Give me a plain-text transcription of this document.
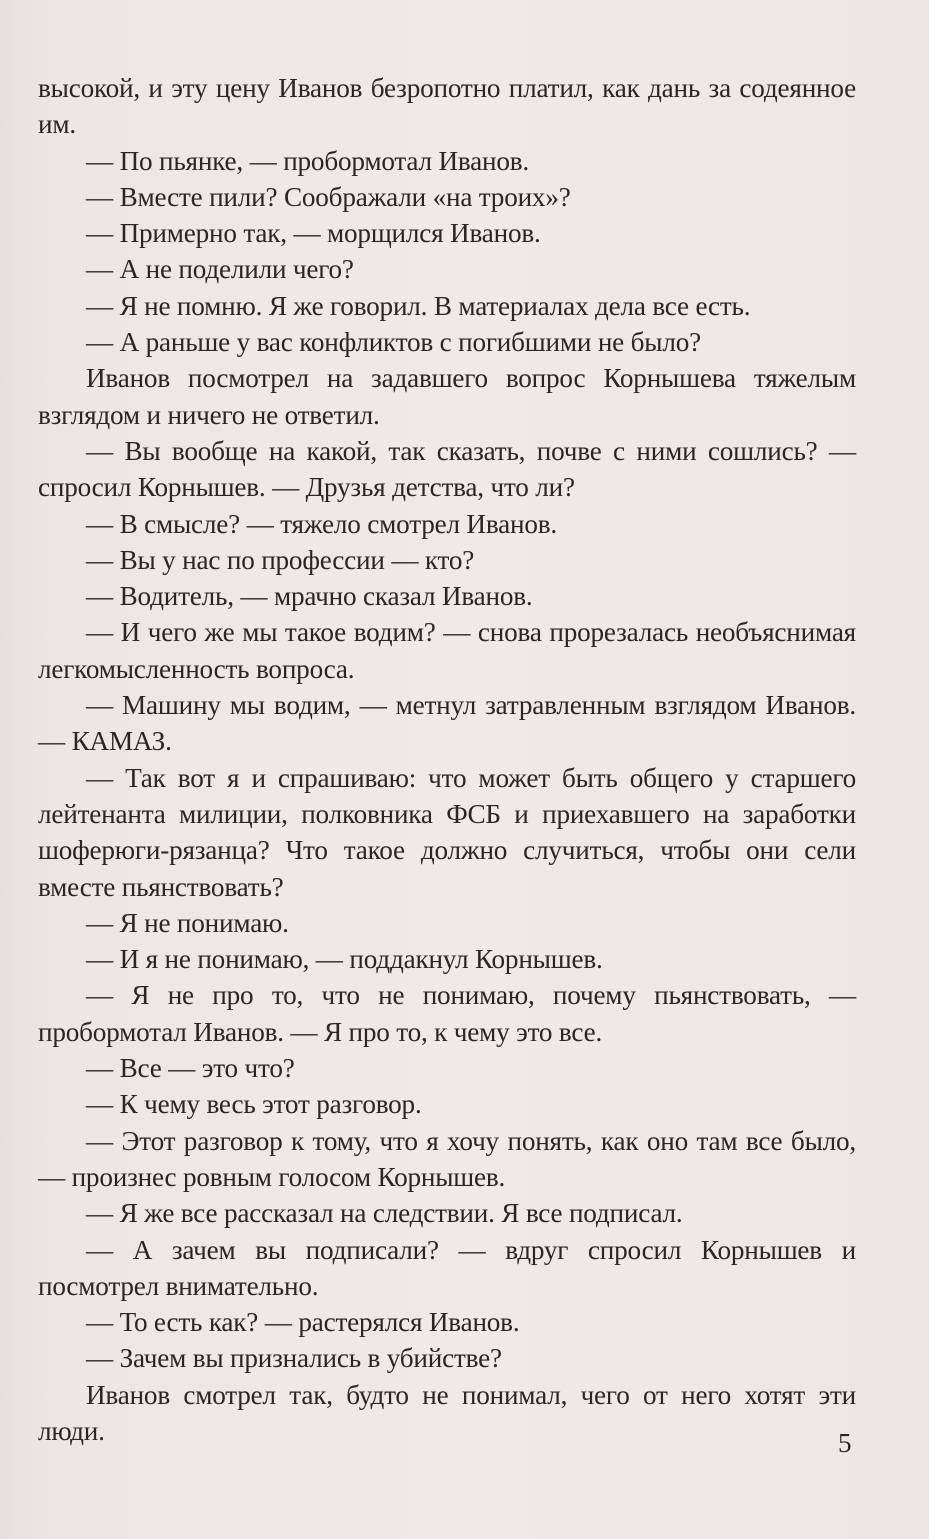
высокой, и эту цену Иванов безропотно платил, как дань за содеянное им.

— По пьянке, — пробормотал Иванов.

— Вместе пили? Соображали «на троих»?

— Примерно так, — морщился Иванов.

— А не поделили чего?

— Я не помню. Я же говорил. В материалах дела все есть.

— А раньше у вас конфликтов с погибшими не было?

Иванов посмотрел на задавшего вопрос Корнышева тяжелым взглядом и ничего не ответил.

— Вы вообще на какой, так сказать, почве с ними сошлись? — спросил Корнышев. — Друзья детства, что ли?

— В смысле? — тяжело смотрел Иванов.

— Вы у нас по профессии — кто?

— Водитель, — мрачно сказал Иванов.

— И чего же мы такое водим? — снова прорезалась необъяснимая легкомысленность вопроса.

— Машину мы водим, — метнул затравленным взглядом Иванов. — КАМАЗ.

— Так вот я и спрашиваю: что может быть общего у старшего лейтенанта милиции, полковника ФСБ и приехавшего на заработки шоферюги-рязанца? Что такое должно случиться, чтобы они сели вместе пьянствовать?

— Я не понимаю.

— И я не понимаю, — поддакнул Корнышев.

— Я не про то, что не понимаю, почему пьянствовать, — пробормотал Иванов. — Я про то, к чему это все.

— Все — это что?

— К чему весь этот разговор.

— Этот разговор к тому, что я хочу понять, как оно там все было, — произнес ровным голосом Корнышев.

— Я же все рассказал на следствии. Я все подписал.

— А зачем вы подписали? — вдруг спросил Корнышев и посмотрел внимательно.

— То есть как? — растерялся Иванов.

— Зачем вы признались в убийстве?

Иванов смотрел так, будто не понимал, чего от него хотят эти люди.	5
